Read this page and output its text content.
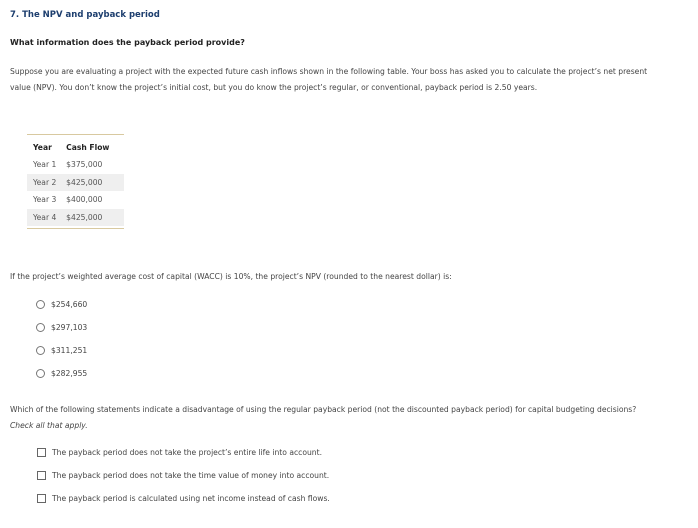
7. The NPV and payback period
What information does the payback period provide?
Suppose you are evaluating a project with the expected future cash inflows shown in the following table. Your boss has asked you to calculate the project’s net present value (NPV). You don’t know the project’s initial cost, but you do know the project’s regular, or conventional, payback period is 2.50 years.
Year	Cash Flow
Year 1	$375,000
Year 2	$425,000
Year 3	$400,000
Year 4	$425,000

If the project’s weighted average cost of capital (WACC) is 10%, the project’s NPV (rounded to the nearest dollar) is:
$254,660
$297,103
$311,251
$282,955
Which of the following statements indicate a disadvantage of using the regular payback period (not the discounted payback period) for capital budgeting decisions? Check all that apply.
The payback period does not take the project’s entire life into account.
The payback period does not take the time value of money into account.
The payback period is calculated using net income instead of cash flows.
